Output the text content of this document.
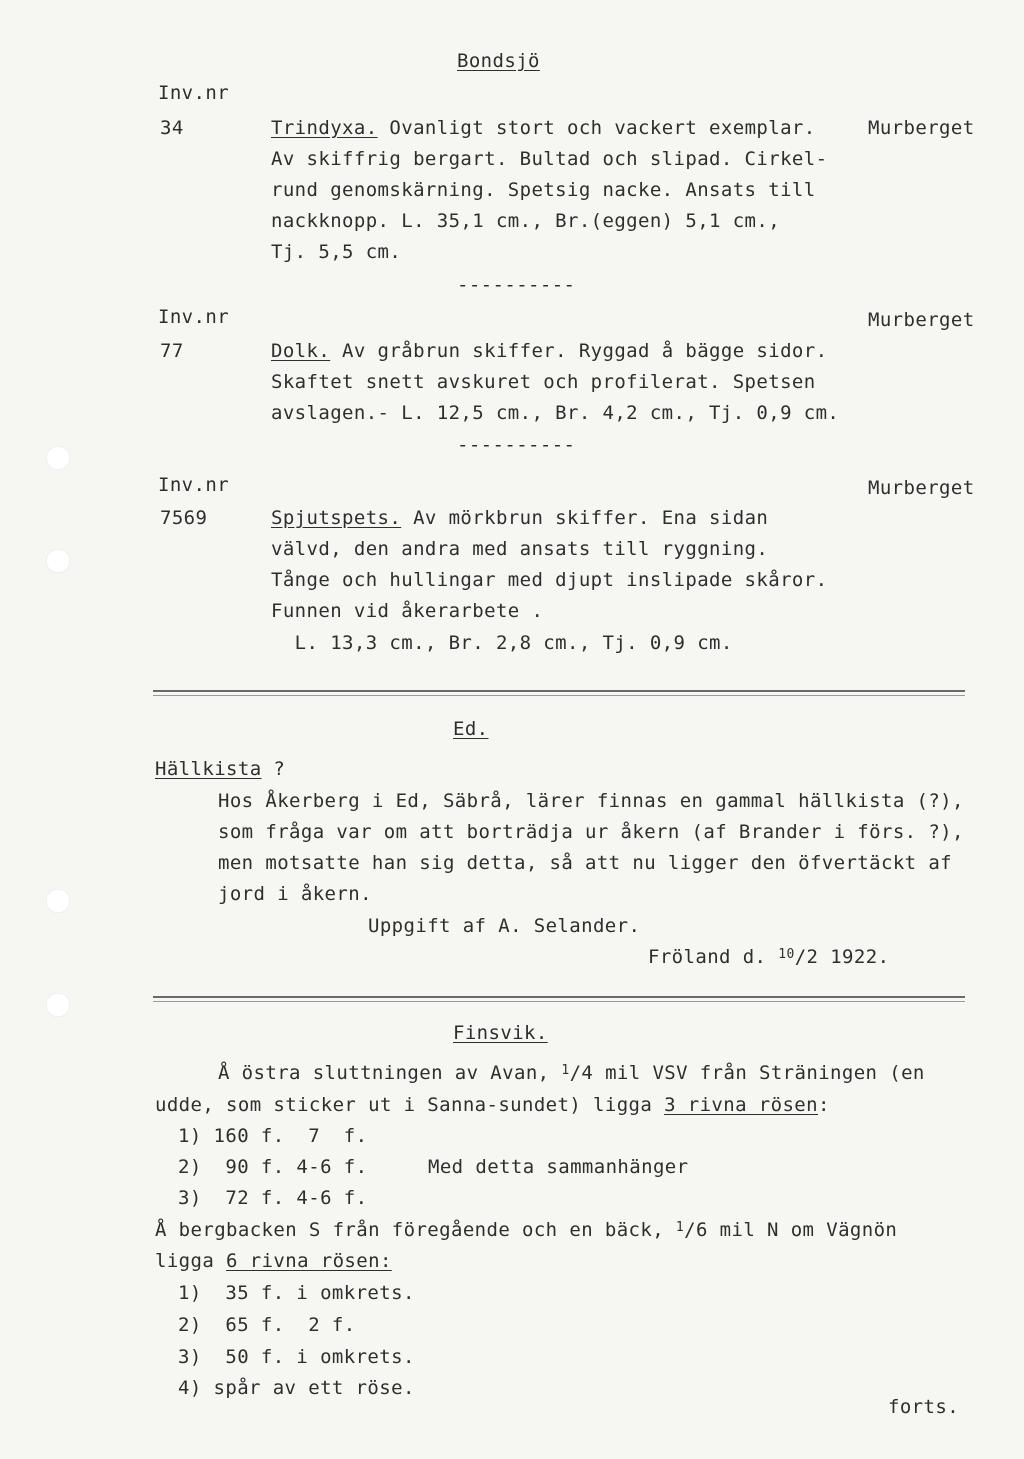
Bondsjö
Inv.nr
34	Trindyxa. Ovanligt stort och vackert exemplar.	Murberget
Av skiffrig bergart. Bultad och slipad. Cirkel-
rund genomskärning. Spetsig nacke. Ansats till
nackknopp. L. 35,1 cm., Br.(eggen) 5,1 cm.,
Tj. 5,5 cm.
----------
Inv.nr	Murberget
77	Dolk. Av gråbrun skiffer. Ryggad å bägge sidor.
Skaftet snett avskuret och profilerat. Spetsen
avslagen.- L. 12,5 cm., Br. 4,2 cm., Tj. 0,9 cm.
----------
Inv.nr	Murberget
7569	Spjutspets. Av mörkbrun skiffer. Ena sidan
välvd, den andra med ansats till ryggning.
Tånge och hullingar med djupt inslipade skåror.
Funnen vid åkerarbete .
L. 13,3 cm., Br. 2,8 cm., Tj. 0,9 cm.
Ed.
Hällkista ?
Hos Åkerberg i Ed, Säbrå, lärer finnas en gammal hällkista (?),
som fråga var om att borträdja ur åkern (af Brander i förs. ?),
men motsatte han sig detta, så att nu ligger den öfvertäckt af
jord i åkern.
Uppgift af A. Selander.
Fröland d. $^{10}$/2 1922.
Finsvik.
Å östra sluttningen av Avan, $^1$/4 mil VSV från Sträningen (en
udde, som sticker ut i Sanna-sundet) ligga 3 rivna rösen:
1) 160 f.  7  f.
2)  90 f. 4-6 f.	Med detta sammanhänger
3)  72 f. 4-6 f.
Å bergbacken S från föregående och en bäck, $^1$/6 mil N om Vägnön
ligga 6 rivna rösen:
1)  35 f. i omkrets.
2)  65 f.  2 f.
3)  50 f. i omkrets.
4) spår av ett röse.
forts.
